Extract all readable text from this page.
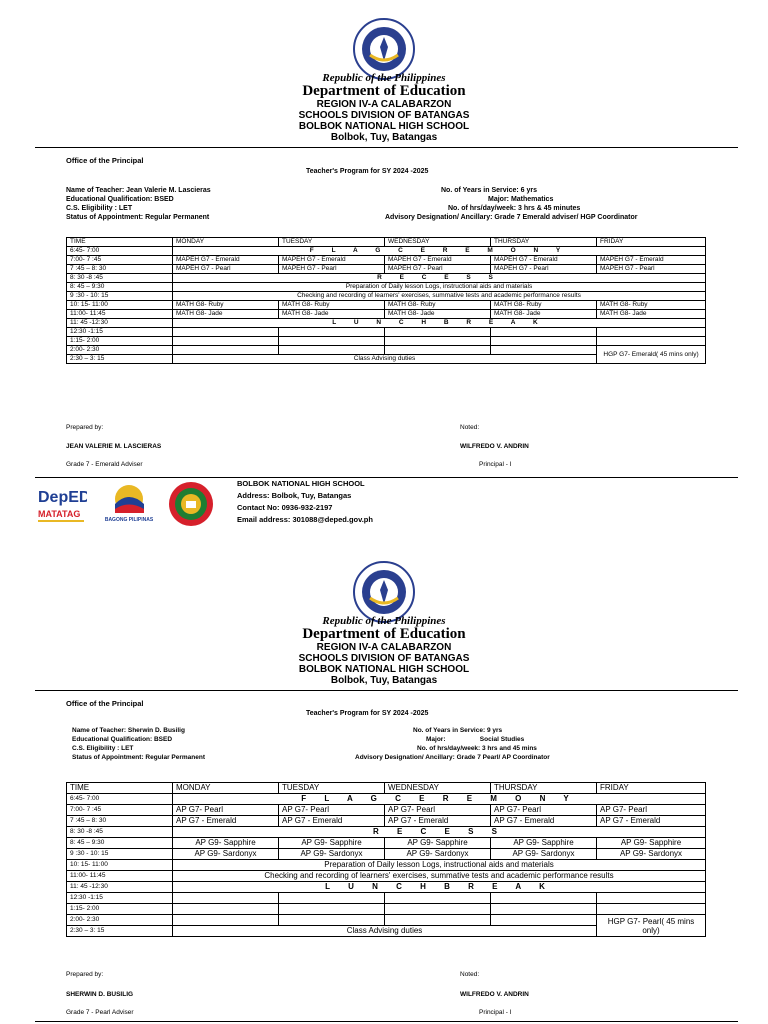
Republic of the Philippines
Department of Education
REGION IV-A CALABARZON
SCHOOLS DIVISION OF BATANGAS
BOLBOK NATIONAL HIGH SCHOOL
Bolbok, Tuy, Batangas
Office of the Principal
Teacher's Program for SY 2024 -2025
Name of Teacher: Jean Valerie M. Lascieras
Educational Qualification: BSED
C.S. Eligibility : LET
Status of Appointment: Regular Permanent
No. of Years in Service: 6 yrs
Major: Mathematics
No. of hrs/day/week: 3 hrs & 45 minutes
Advisory Designation/ Ancillary: Grade 7 Emerald adviser/ HGP Coordinator
TIME	MONDAY	TUESDAY	WEDNESDAY	THURSDAY	FRIDAY
6:45- 7:00	F L A G C E R E M O N Y				
7:00- 7 :45	MAPEH G7 - Emerald	MAPEH G7 - Emerald	MAPEH G7 - Emerald	MAPEH G7 - Emerald	MAPEH G7 - Emerald
7 :45 – 8: 30	MAPEH G7 - Pearl	MAPEH G7 - Pearl	MAPEH G7 - Pearl	MAPEH G7 - Pearl	MAPEH G7 - Pearl
8: 30 -8 :45	R E C E S S				
8: 45 – 9:30	Preparation of Daily lesson Logs, instructional aids and materials				
9 :30 - 10: 15	Checking and recording of learners' exercises, summative tests and academic performance results				
10: 15- 11:00	MATH G8- Ruby	MATH G8- Ruby	MATH G8- Ruby	MATH G8- Ruby	MATH G8- Ruby
11:00- 11:45	MATH G8- Jade	MATH G8- Jade	MATH G8- Jade	MATH G8- Jade	MATH G8- Jade
11: 45 -12:30	L U N C H B R E A K				
12:30 -1:15					
1:15- 2:00					
2:00- 2:30					HGP G7- Emerald( 45 mins only)
2:30 – 3: 15	Class Advising duties				
Prepared by:
JEAN VALERIE M. LASCIERAS
Grade 7 - Emerald Adviser
Noted:
WILFREDO V. ANDRIN
Principal - I
DepED
MATATAG
BAGONG PILIPINAS
BOLBOK NATIONAL HIGH SCHOOL
Address: Bolbok, Tuy, Batangas
Contact No: 0936-932-2197
Email address: 301088@deped.gov.ph
Republic of the Philippines
Department of Education
REGION IV-A CALABARZON
SCHOOLS DIVISION OF BATANGAS
BOLBOK NATIONAL HIGH SCHOOL
Bolbok, Tuy, Batangas
Office of the Principal
Teacher's Program for SY 2024 -2025
Name of Teacher: Sherwin D. Busilig
Educational Qualification: BSED
C.S. Eligibility : LET
Status of Appointment: Regular Permanent
No. of Years in Service: 9 yrs
Major:                   Social Studies
No. of hrs/day/week: 3 hrs and 45 mins
Advisory Designation/ Ancillary: Grade 7 Pearl/ AP Coordinator
TIME	MONDAY	TUESDAY	WEDNESDAY	THURSDAY	FRIDAY
6:45- 7:00	F L A G C E R E M O N Y				
7:00- 7 :45	AP G7- Pearl	AP G7- Pearl	AP G7- Pearl	AP G7- Pearl	AP G7- Pearl
7 :45 – 8: 30	AP G7 - Emerald	AP G7 - Emerald	AP G7 - Emerald	AP G7 - Emerald	AP G7 - Emerald
8: 30 -8 :45	R E C E S S				
8: 45 – 9:30	AP G9- Sapphire	AP G9- Sapphire	AP G9- Sapphire	AP G9- Sapphire	AP G9- Sapphire
9 :30 - 10: 15	AP G9- Sardonyx	AP G9- Sardonyx	AP G9- Sardonyx	AP G9- Sardonyx	AP G9- Sardonyx
10: 15- 11:00	Preparation of Daily lesson Logs, instructional aids and materials				
11:00- 11:45	Checking and recording of learners' exercises, summative tests and academic performance results				
11: 45 -12:30	L U N C H B R E A K				
12:30 -1:15					
1:15- 2:00					
2:00- 2:30					HGP G7- Pearl( 45 mins only)
2:30 – 3: 15	Class Advising duties				
Prepared by:
SHERWIN D. BUSILIG
Grade 7 - Pearl Adviser
Noted:
WILFREDO V. ANDRIN
Principal - I
